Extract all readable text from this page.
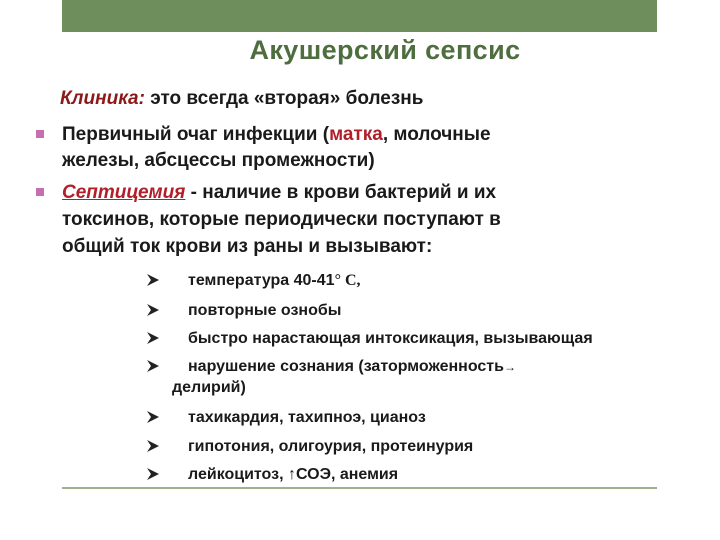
Акушерский сепсис
Клиника: это всегда «вторая» болезнь
Первичный очаг инфекции (матка, молочные
железы, абсцессы промежности)
Септицемия - наличие в крови бактерий и их
токсинов, которые периодически поступают в
общий ток крови из раны и вызывают:
температура 40-41° C,
повторные ознобы
быстро нарастающая интоксикация, вызывающая
нарушение сознания (заторможенность→
делирий)
тахикардия, тахипноэ, цианоз
гипотония, олигоурия, протеинурия
лейкоцитоз, ↑СОЭ, анемия
